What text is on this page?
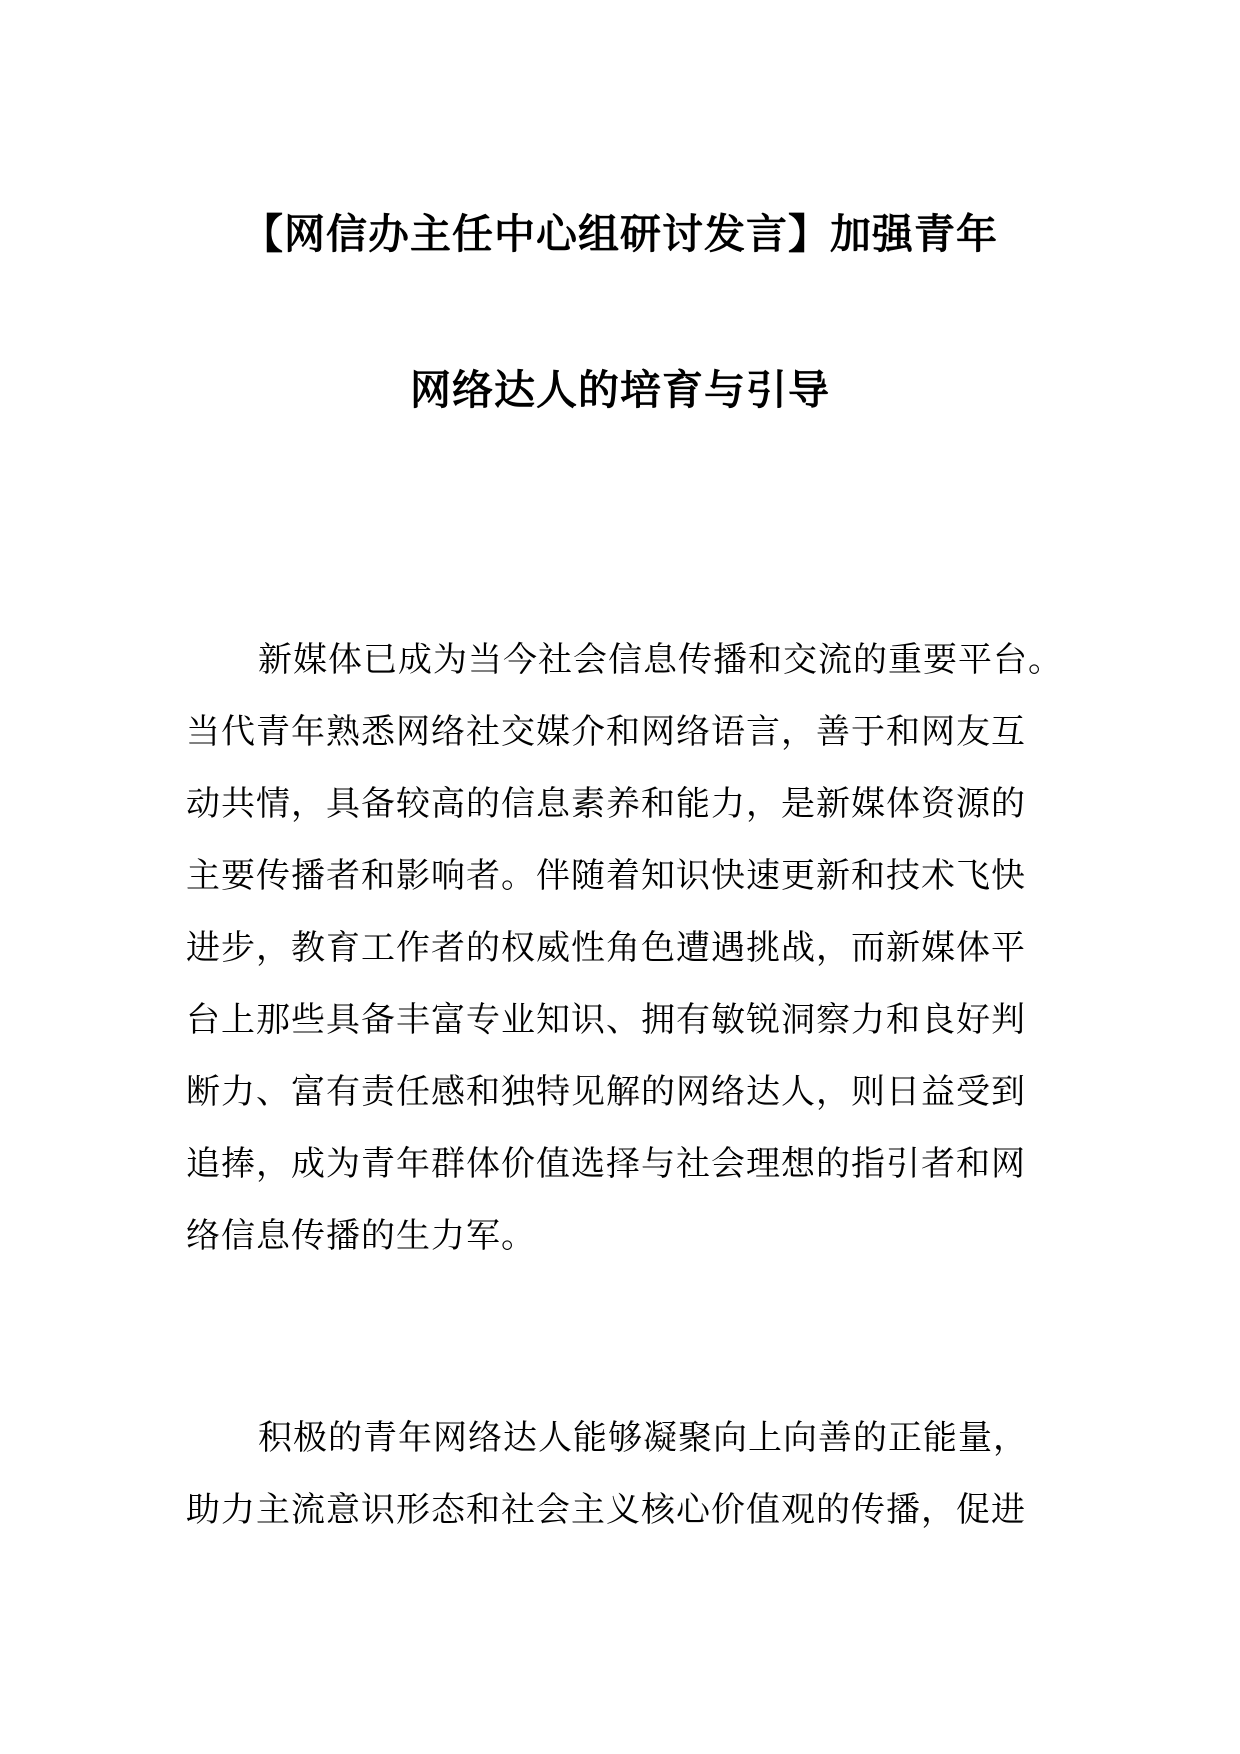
【网信办主任中心组研讨发言】加强青年
网络达人的培育与引导
新媒体已成为当今社会信息传播和交流的重要平台。
当代青年熟悉网络社交媒介和网络语言，善于和网友互
动共情，具备较高的信息素养和能力，是新媒体资源的
主要传播者和影响者。伴随着知识快速更新和技术飞快
进步，教育工作者的权威性角色遭遇挑战，而新媒体平
台上那些具备丰富专业知识、拥有敏锐洞察力和良好判
断力、富有责任感和独特见解的网络达人，则日益受到
追捧，成为青年群体价值选择与社会理想的指引者和网
络信息传播的生力军。
积极的青年网络达人能够凝聚向上向善的正能量，
助力主流意识形态和社会主义核心价值观的传播，促进
